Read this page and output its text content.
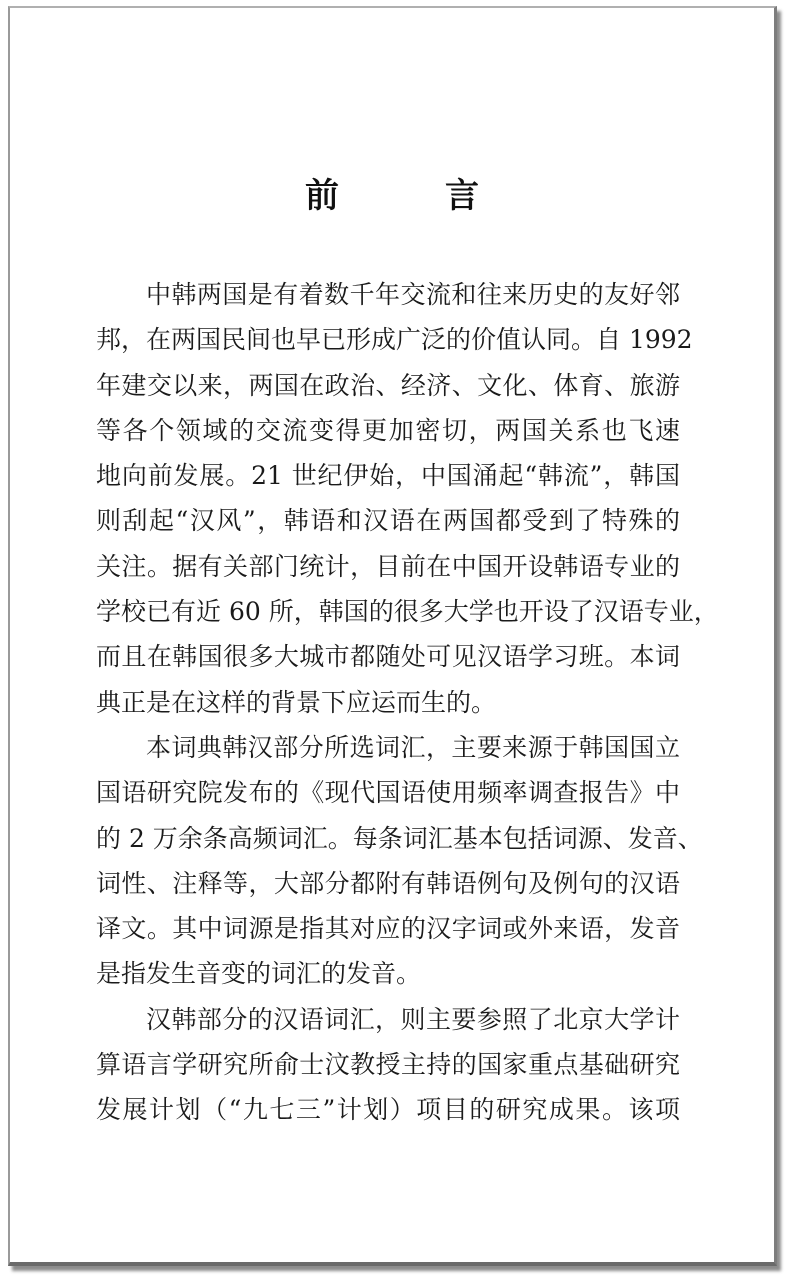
前　言
中韩两国是有着数千年交流和往来历史的友好邻
邦，在两国民间也早已形成广泛的价值认同。自 1992
年建交以来，两国在政治、经济、文化、体育、旅游
等各个领域的交流变得更加密切，两国关系也飞速
地向前发展。21 世纪伊始，中国涌起“韩流”，韩国
则刮起“汉风”，韩语和汉语在两国都受到了特殊的
关注。据有关部门统计，目前在中国开设韩语专业的
学校已有近 60 所，韩国的很多大学也开设了汉语专业，
而且在韩国很多大城市都随处可见汉语学习班。本词
典正是在这样的背景下应运而生的。
本词典韩汉部分所选词汇，主要来源于韩国国立
国语研究院发布的《现代国语使用频率调查报告》中
的 2 万余条高频词汇。每条词汇基本包括词源、发音、
词性、注释等，大部分都附有韩语例句及例句的汉语
译文。其中词源是指其对应的汉字词或外来语，发音
是指发生音变的词汇的发音。
汉韩部分的汉语词汇，则主要参照了北京大学计
算语言学研究所俞士汶教授主持的国家重点基础研究
发展计划（“九七三”计划）项目的研究成果。该项
